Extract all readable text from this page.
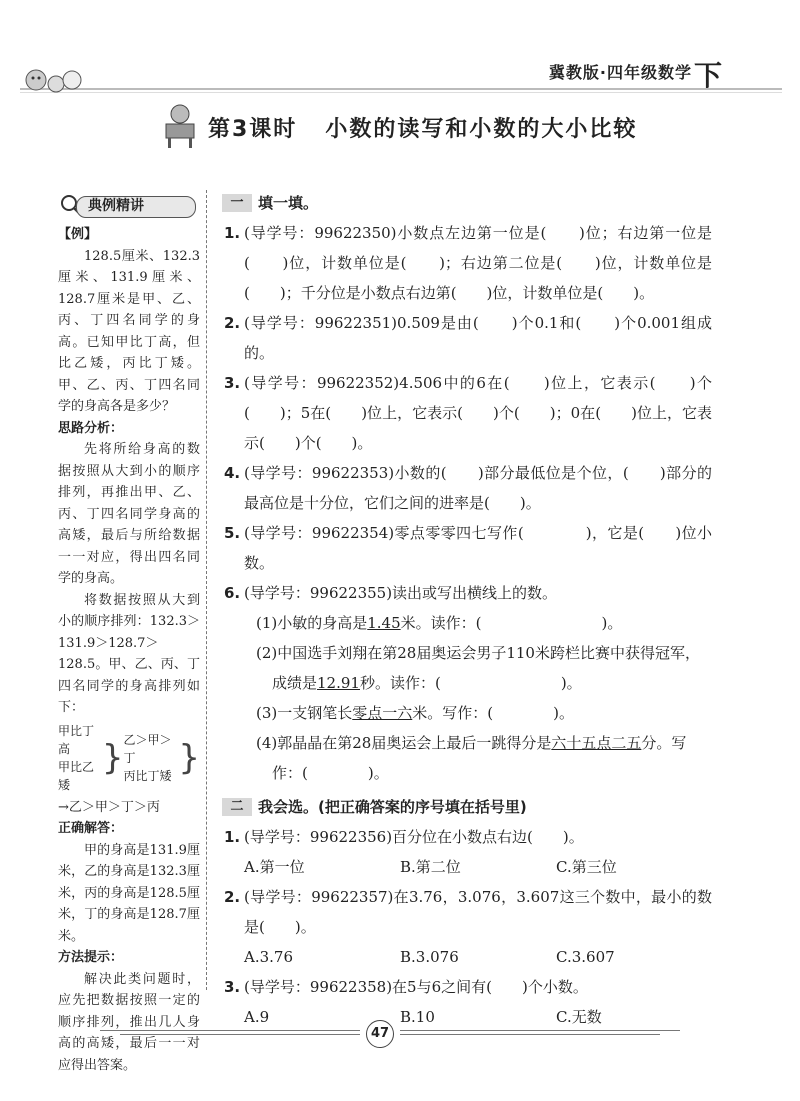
冀教版·四年级数学 下
第3课时 小数的读写和小数的大小比较
典例精讲
【例】

128.5厘米、132.3厘米、131.9厘米、128.7厘米是甲、乙、丙、丁四名同学的身高。已知甲比丁高，但比乙矮，丙比丁矮。甲、乙、丙、丁四名同学的身高各是多少？

思路分析：

先将所给身高的数据按照从大到小的顺序排列，再推出甲、乙、丙、丁四名同学身高的高矮，最后与所给数据一一对应，得出四名同学的身高。

将数据按照从大到小的顺序排列：132.3＞131.9＞128.7＞128.5。甲、乙、丙、丁四名同学的身高排列如下：

甲比丁高
甲比乙矮
} 乙＞甲＞丁
丙比丁矮 }
→乙＞甲＞丁＞丙
正确解答：

甲的身高是131.9厘米，乙的身高是132.3厘米，丙的身高是128.5厘米，丁的身高是128.7厘米。

方法提示：

解决此类问题时，应先把数据按照一定的顺序排列，推出几人身高的高矮，最后一一对应得出答案。

一 填一填。
1. (导学号：99622350)小数点左边第一位是(　　)位；右边第一位是(　　)位，计数单位是(　　)；右边第二位是(　　)位，计数单位是(　　)；千分位是小数点右边第(　　)位，计数单位是(　　)。
2. (导学号：99622351)0.509是由(　　)个0.1和(　　)个0.001组成的。
3. (导学号：99622352)4.506中的6在(　　)位上，它表示(　　)个(　　)；5在(　　)位上，它表示(　　)个(　　)；0在(　　)位上，它表示(　　)个(　　)。
4. (导学号：99622353)小数的(　　)部分最低位是个位，(　　)部分的最高位是十分位，它们之间的进率是(　　)。
5. (导学号：99622354)零点零零四七写作(　　　　)，它是(　　)位小数。
6. (导学号：99622355)读出或写出横线上的数。
(1)小敏的身高是1.45米。读作：(　　　　　　　　)。
(2)中国选手刘翔在第28届奥运会男子110米跨栏比赛中获得冠军，成绩是12.91秒。读作：(　　　　　　　　)。
(3)一支钢笔长零点一六米。写作：(　　　　)。
(4)郭晶晶在第28届奥运会上最后一跳得分是六十五点二五分。写作：(　　　　)。
二 我会选。(把正确答案的序号填在括号里)
1. (导学号：99622356)百分位在小数点右边(　　)。
A.第一位	B.第二位	C.第三位
2. (导学号：99622357)在3.76，3.076，3.607这三个数中，最小的数是(　　)。
A.3.76	B.3.076	C.3.607
3. (导学号：99622358)在5与6之间有(　　)个小数。
A.9	B.10	C.无数
47
